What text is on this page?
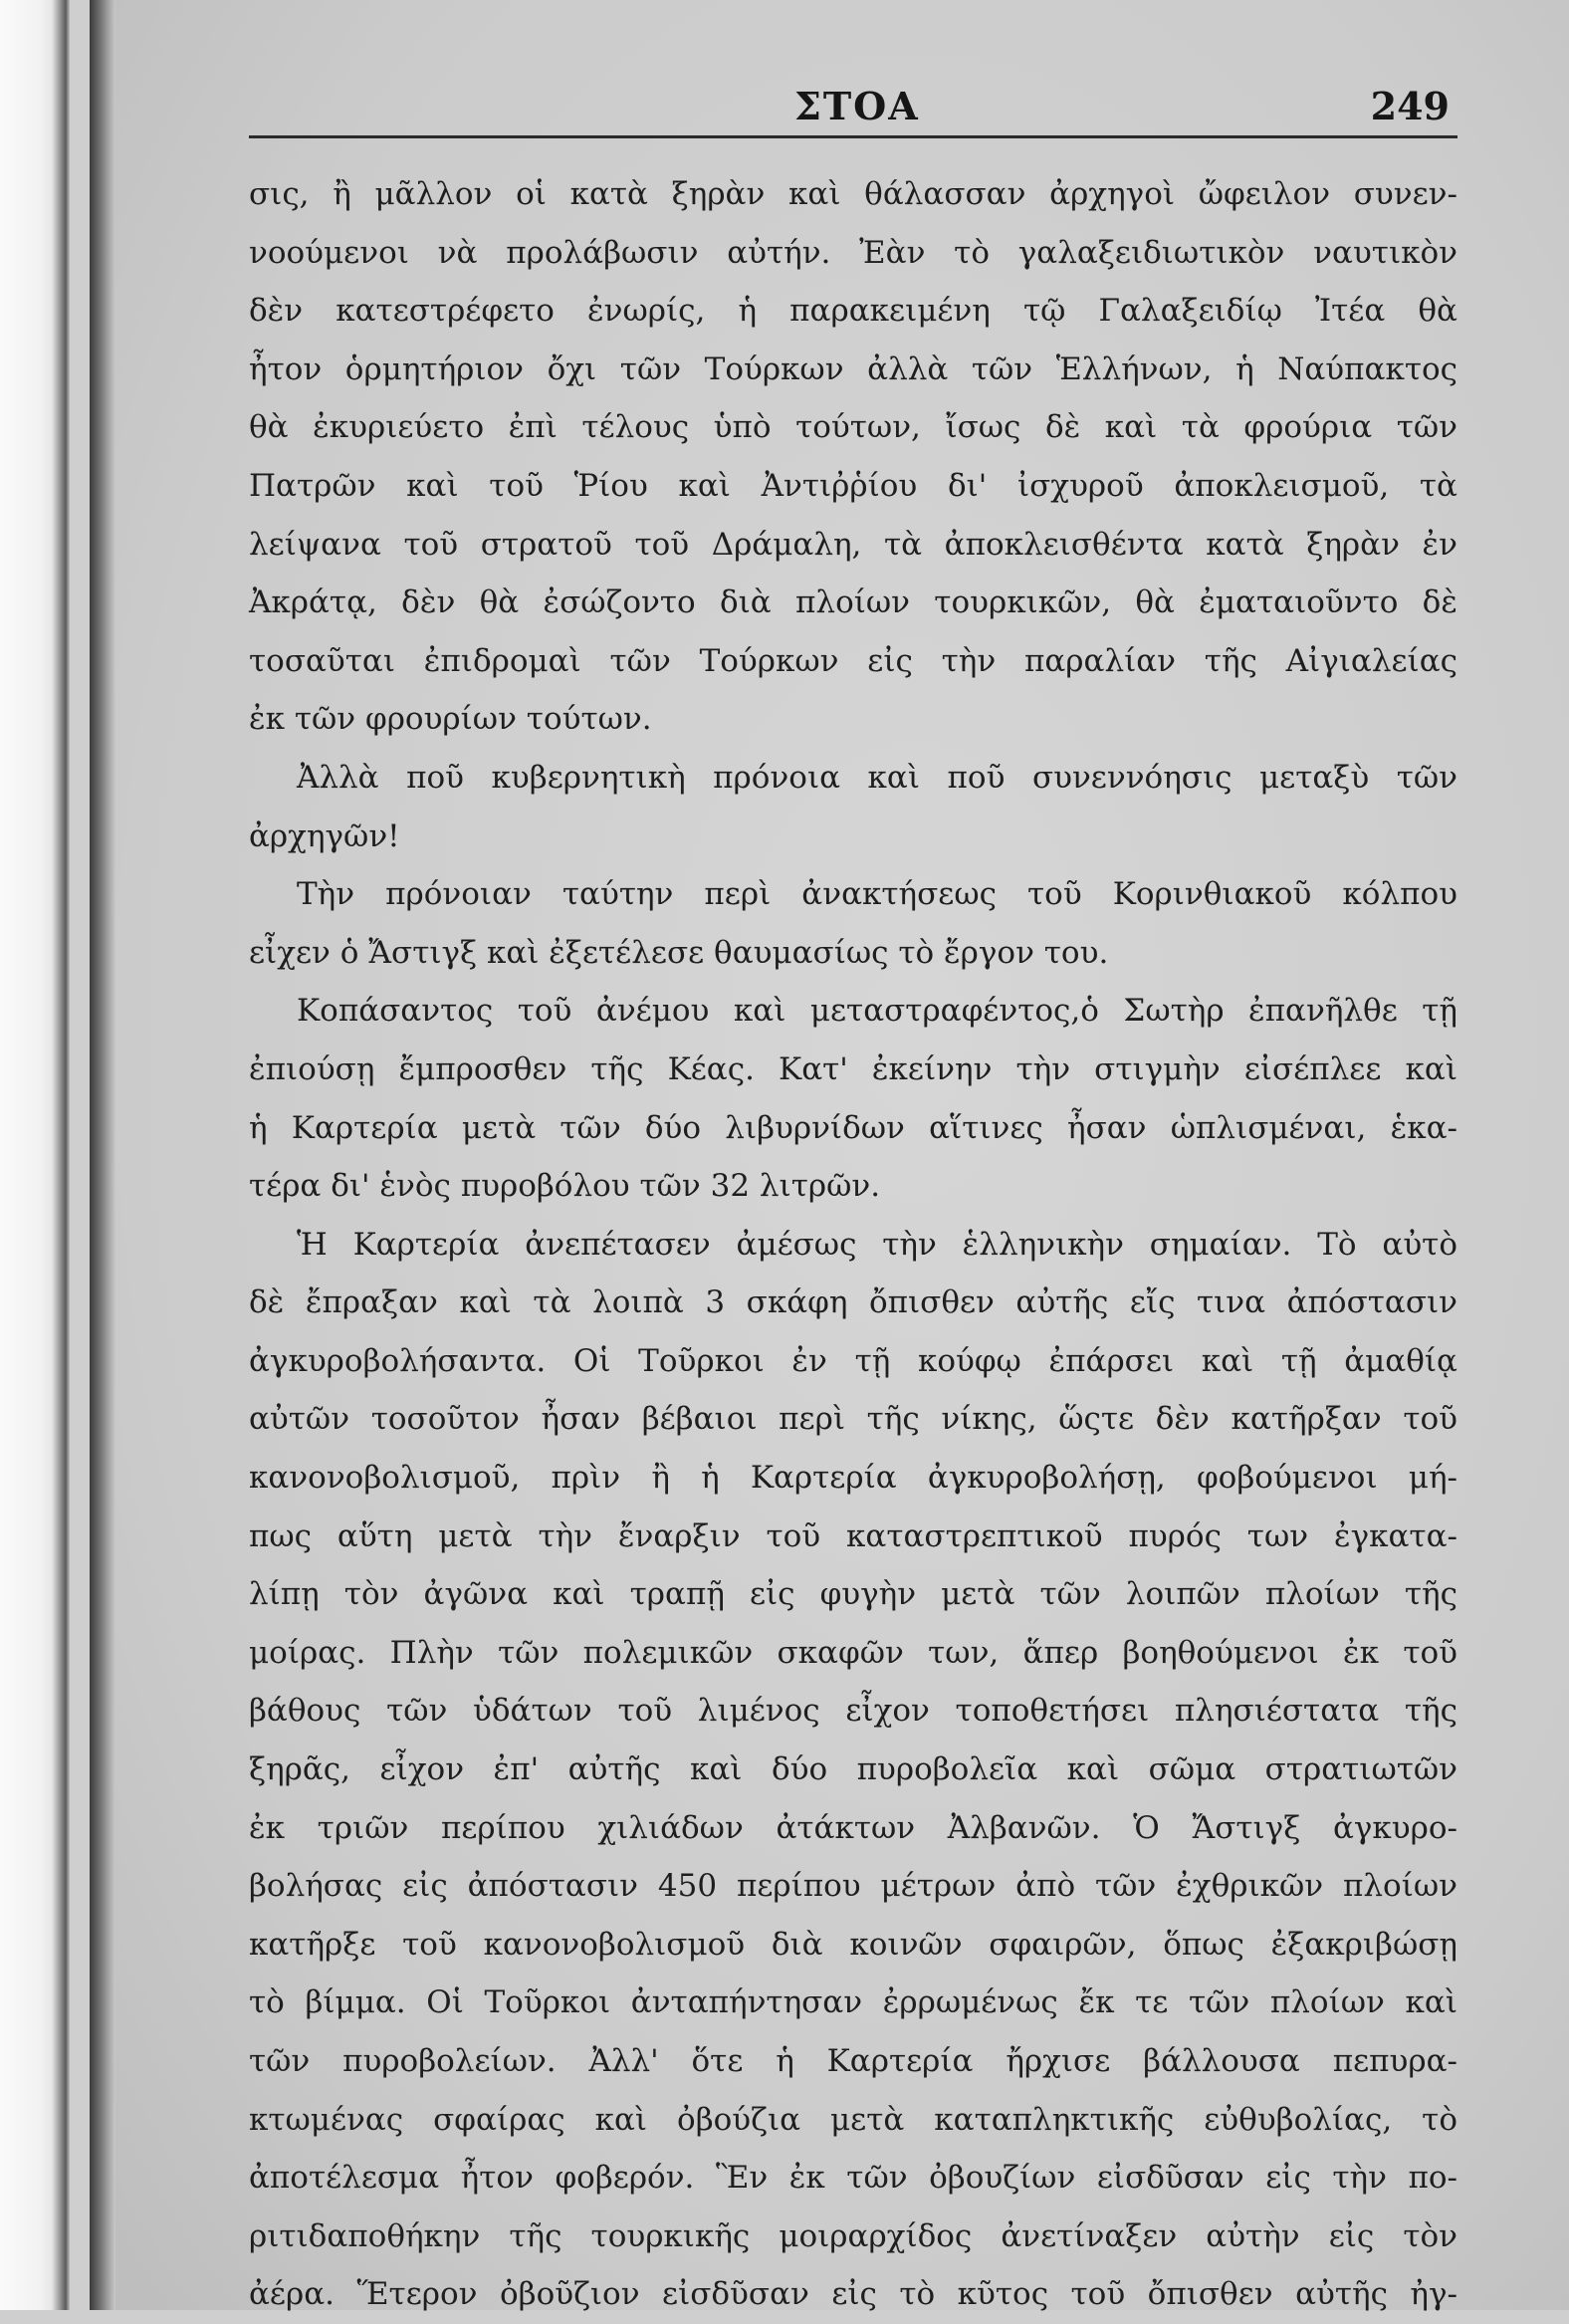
ΣΤΟΑ	249
σις, ἢ μᾶλλον οἱ κατὰ ξηρὰν καὶ θάλασσαν ἀρχηγοὶ ὤφειλον συνεν-
νοούμενοι νὰ προλάβωσιν αὐτήν. Ἐὰν τὸ γαλαξειδιωτικὸν ναυτικὸν
δὲν κατεστρέφετο ἐνωρίς, ἡ παρακειμένη τῷ Γαλαξειδίῳ Ἰτέα θὰ
ἦτον ὁρμητήριον ὄχι τῶν Τούρκων ἀλλὰ τῶν Ἑλλήνων, ἡ Ναύπακτος
θὰ ἐκυριεύετο ἐπὶ τέλους ὑπὸ τούτων, ἴσως δὲ καὶ τὰ φρούρια τῶν
Πατρῶν καὶ τοῦ Ῥίου καὶ Ἀντιῤῥίου δι' ἰσχυροῦ ἀποκλεισμοῦ, τὰ
λείψανα τοῦ στρατοῦ τοῦ Δράμαλη, τὰ ἀποκλεισθέντα κατὰ ξηρὰν ἐν
Ἀκράτᾳ, δὲν θὰ ἐσώζοντο διὰ πλοίων τουρκικῶν, θὰ ἐματαιοῦντο δὲ
τοσαῦται ἐπιδρομαὶ τῶν Τούρκων εἰς τὴν παραλίαν τῆς Αἰγιαλείας
ἐκ τῶν φρουρίων τούτων.
Ἀλλὰ ποῦ κυβερνητικὴ πρόνοια καὶ ποῦ συνεννόησις μεταξὺ τῶν
ἀρχηγῶν!
Τὴν πρόνοιαν ταύτην περὶ ἀνακτήσεως τοῦ Κορινθιακοῦ κόλπου
εἶχεν ὁ Ἄστιγξ καὶ ἐξετέλεσε θαυμασίως τὸ ἔργον του.
Κοπάσαντος τοῦ ἀνέμου καὶ μεταστραφέντος,ὁ Σωτὴρ ἐπανῆλθε τῇ
ἐπιούσῃ ἔμπροσθεν τῆς Κέας. Κατ' ἐκείνην τὴν στιγμὴν εἰσέπλεε καὶ
ἡ Καρτερία μετὰ τῶν δύο λιβυρνίδων αἵτινες ἦσαν ὡπλισμέναι, ἑκα-
τέρα δι' ἑνὸς πυροβόλου τῶν 32 λιτρῶν.
Ἡ Καρτερία ἀνεπέτασεν ἀμέσως τὴν ἑλληνικὴν σημαίαν. Τὸ αὐτὸ
δὲ ἔπραξαν καὶ τὰ λοιπὰ 3 σκάφη ὄπισθεν αὐτῆς εἴς τινα ἀπόστασιν
ἀγκυροβολήσαντα. Οἱ Τοῦρκοι ἐν τῇ κούφῳ ἐπάρσει καὶ τῇ ἀμαθίᾳ
αὐτῶν τοσοῦτον ἦσαν βέβαιοι περὶ τῆς νίκης, ὥςτε δὲν κατῆρξαν τοῦ
κανονοβολισμοῦ, πρὶν ἢ ἡ Καρτερία ἀγκυροβολήσῃ, φοβούμενοι μή-
πως αὕτη μετὰ τὴν ἔναρξιν τοῦ καταστρεπτικοῦ πυρός των ἐγκατα-
λίπῃ τὸν ἀγῶνα καὶ τραπῇ εἰς φυγὴν μετὰ τῶν λοιπῶν πλοίων τῆς
μοίρας. Πλὴν τῶν πολεμικῶν σκαφῶν των, ἅπερ βοηθούμενοι ἐκ τοῦ
βάθους τῶν ὑδάτων τοῦ λιμένος εἶχον τοποθετήσει πλησιέστατα τῆς
ξηρᾶς, εἶχον ἐπ' αὐτῆς καὶ δύο πυροβολεῖα καὶ σῶμα στρατιωτῶν
ἐκ τριῶν περίπου χιλιάδων ἀτάκτων Ἀλβανῶν. Ὁ Ἄστιγξ ἀγκυρο-
βολήσας εἰς ἀπόστασιν 450 περίπου μέτρων ἀπὸ τῶν ἐχθρικῶν πλοίων
κατῆρξε τοῦ κανονοβολισμοῦ διὰ κοινῶν σφαιρῶν, ὅπως ἐξακριβώσῃ
τὸ βίμμα. Οἱ Τοῦρκοι ἀνταπήντησαν ἐρρωμένως ἔκ τε τῶν πλοίων καὶ
τῶν πυροβολείων. Ἀλλ' ὅτε ἡ Καρτερία ἤρχισε βάλλουσα πεπυρα-
κτωμένας σφαίρας καὶ ὀβούζια μετὰ καταπληκτικῆς εὐθυβολίας, τὸ
ἀποτέλεσμα ἦτον φοβερόν. Ἓν ἐκ τῶν ὀβουζίων εἰσδῦσαν εἰς τὴν πο-
ριτιδαποθήκην τῆς τουρκικῆς μοιραρχίδος ἀνετίναξεν αὐτὴν εἰς τὸν
ἀέρα. Ἕτερον ὀβοῦζιον εἰσδῦσαν εἰς τὸ κῦτος τοῦ ὄπισθεν αὐτῆς ἠγ-
